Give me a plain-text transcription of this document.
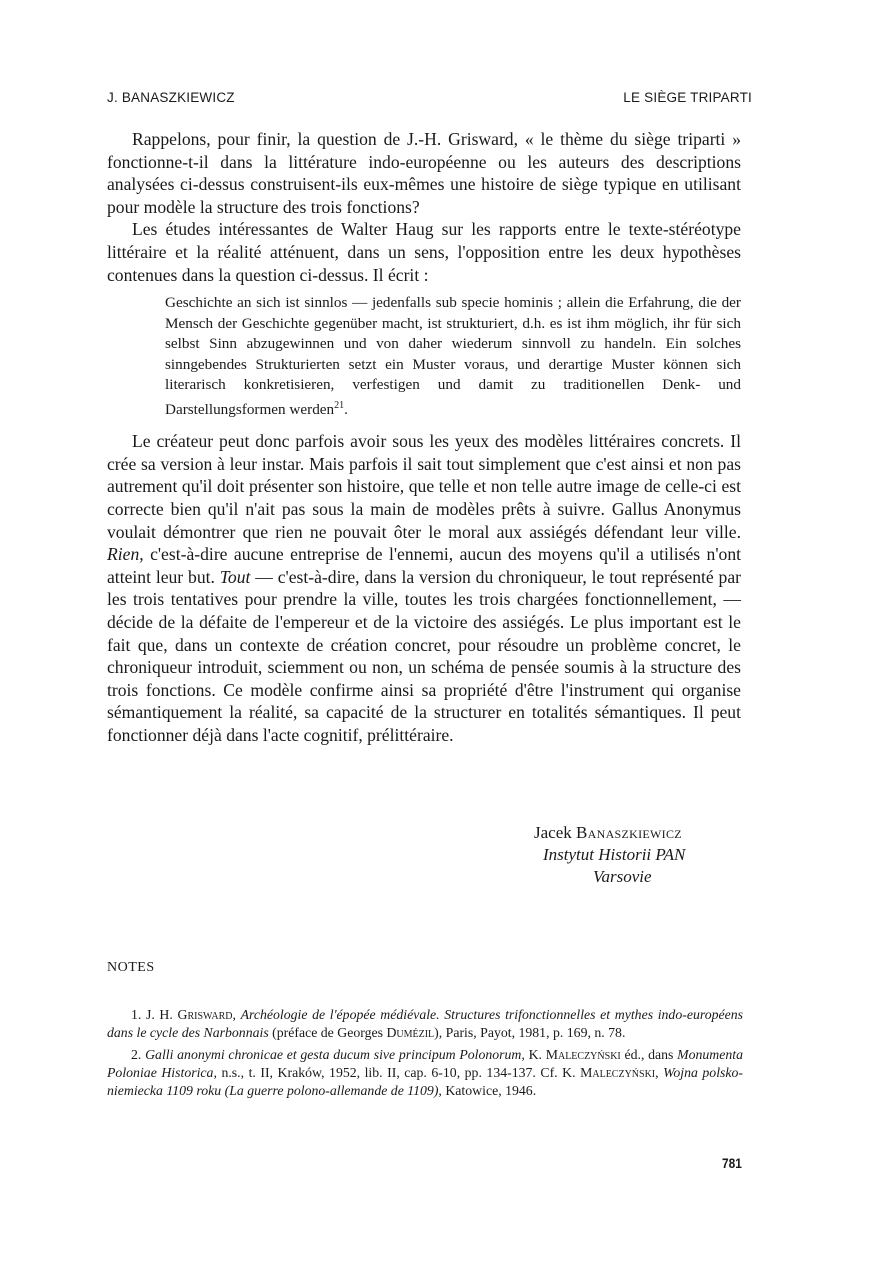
J. BANASZKIEWICZ	LE SIÈGE TRIPARTI

Rappelons, pour finir, la question de J.-H. Grisward, « le thème du siège triparti » fonctionne-t-il dans la littérature indo-européenne ou les auteurs des descriptions analysées ci-dessus construisent-ils eux-mêmes une histoire de siège typique en utilisant pour modèle la structure des trois fonctions?

Les études intéressantes de Walter Haug sur les rapports entre le texte-stéréotype littéraire et la réalité atténuent, dans un sens, l'opposition entre les deux hypothèses contenues dans la question ci-dessus. Il écrit :

Geschichte an sich ist sinnlos — jedenfalls sub specie hominis ; allein die Erfahrung, die der Mensch der Geschichte gegenüber macht, ist strukturiert, d.h. es ist ihm möglich, ihr für sich selbst Sinn abzugewinnen und von daher wiederum sinnvoll zu handeln. Ein solches sinngebendes Strukturierten setzt ein Muster voraus, und derartige Muster können sich literarisch konkretisieren, verfestigen und damit zu traditionellen Denk- und Darstellungsformen werden$^{21}$.

Le créateur peut donc parfois avoir sous les yeux des modèles littéraires concrets. Il crée sa version à leur instar. Mais parfois il sait tout simplement que c'est ainsi et non pas autrement qu'il doit présenter son histoire, que telle et non telle autre image de celle-ci est correcte bien qu'il n'ait pas sous la main de modèles prêts à suivre. Gallus Anonymus voulait démontrer que rien ne pouvait ôter le moral aux assiégés défendant leur ville. Rien, c'est-à-dire aucune entreprise de l'ennemi, aucun des moyens qu'il a utilisés n'ont atteint leur but. Tout — c'est-à-dire, dans la version du chroniqueur, le tout représenté par les trois tentatives pour prendre la ville, toutes les trois chargées fonctionnellement, — décide de la défaite de l'empereur et de la victoire des assiégés. Le plus important est le fait que, dans un contexte de création concret, pour résoudre un problème concret, le chroniqueur introduit, sciemment ou non, un schéma de pensée soumis à la structure des trois fonctions. Ce modèle confirme ainsi sa propriété d'être l'instrument qui organise sémantiquement la réalité, sa capacité de la structurer en totalités sémantiques. Il peut fonctionner déjà dans l'acte cognitif, prélittéraire.

Jacek Banaszkiewicz
Instytut Historii PAN
Varsovie
NOTES

1. J. H. Grisward, Archéologie de l'épopée médiévale. Structures trifonctionnelles et mythes indo-européens dans le cycle des Narbonnais (préface de Georges Dumézil), Paris, Payot, 1981, p. 169, n. 78.

2. Galli anonymi chronicae et gesta ducum sive principum Polonorum, K. Maleczyński éd., dans Monumenta Poloniae Historica, n.s., t. II, Kraków, 1952, lib. II, cap. 6-10, pp. 134-137. Cf. K. Maleczyński, Wojna polsko-niemiecka 1109 roku (La guerre polono-allemande de 1109), Katowice, 1946.

781
